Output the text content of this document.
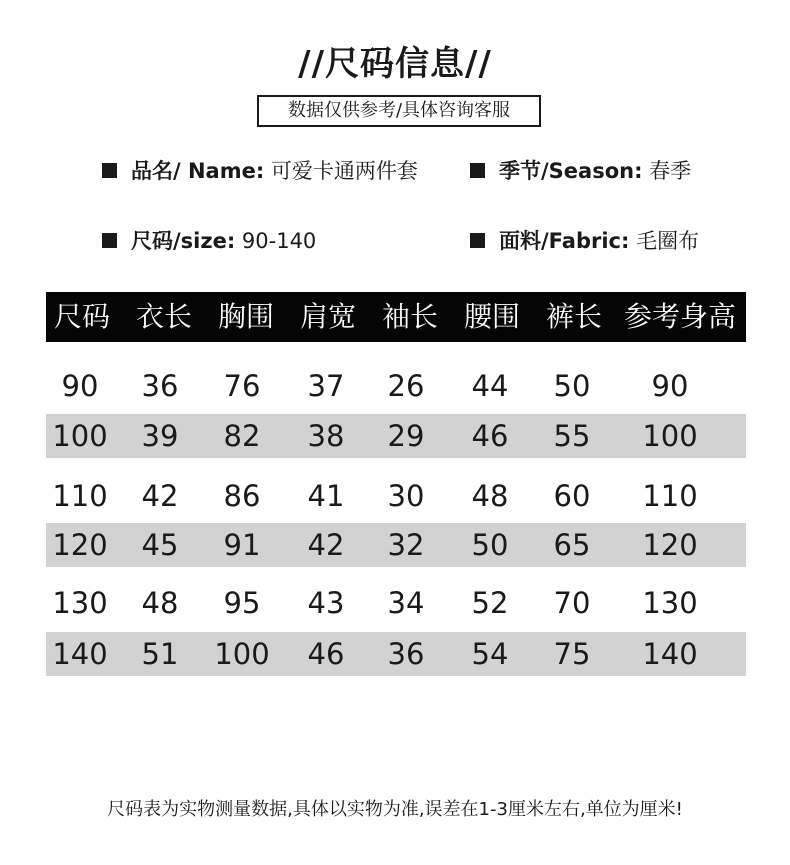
//尺码信息//
数据仅供参考/具体咨询客服
品名/ Name: 可爱卡通两件套	季节/Season: 春季
尺码/size: 90-140	面料/Fabric: 毛圈布
尺码 衣长 胸围 肩宽 袖长 腰围 裤长 参考身高
90	36	76	37	26	44	50	90
100	39	82	38	29	46	55	100
110	42	86	41	30	48	60	110
120	45	91	42	32	50	65	120
130	48	95	43	34	52	70	130
140	51	100	46	36	54	75	140
尺码表为实物测量数据,具体以实物为准,误差在1-3厘米左右,单位为厘米!
